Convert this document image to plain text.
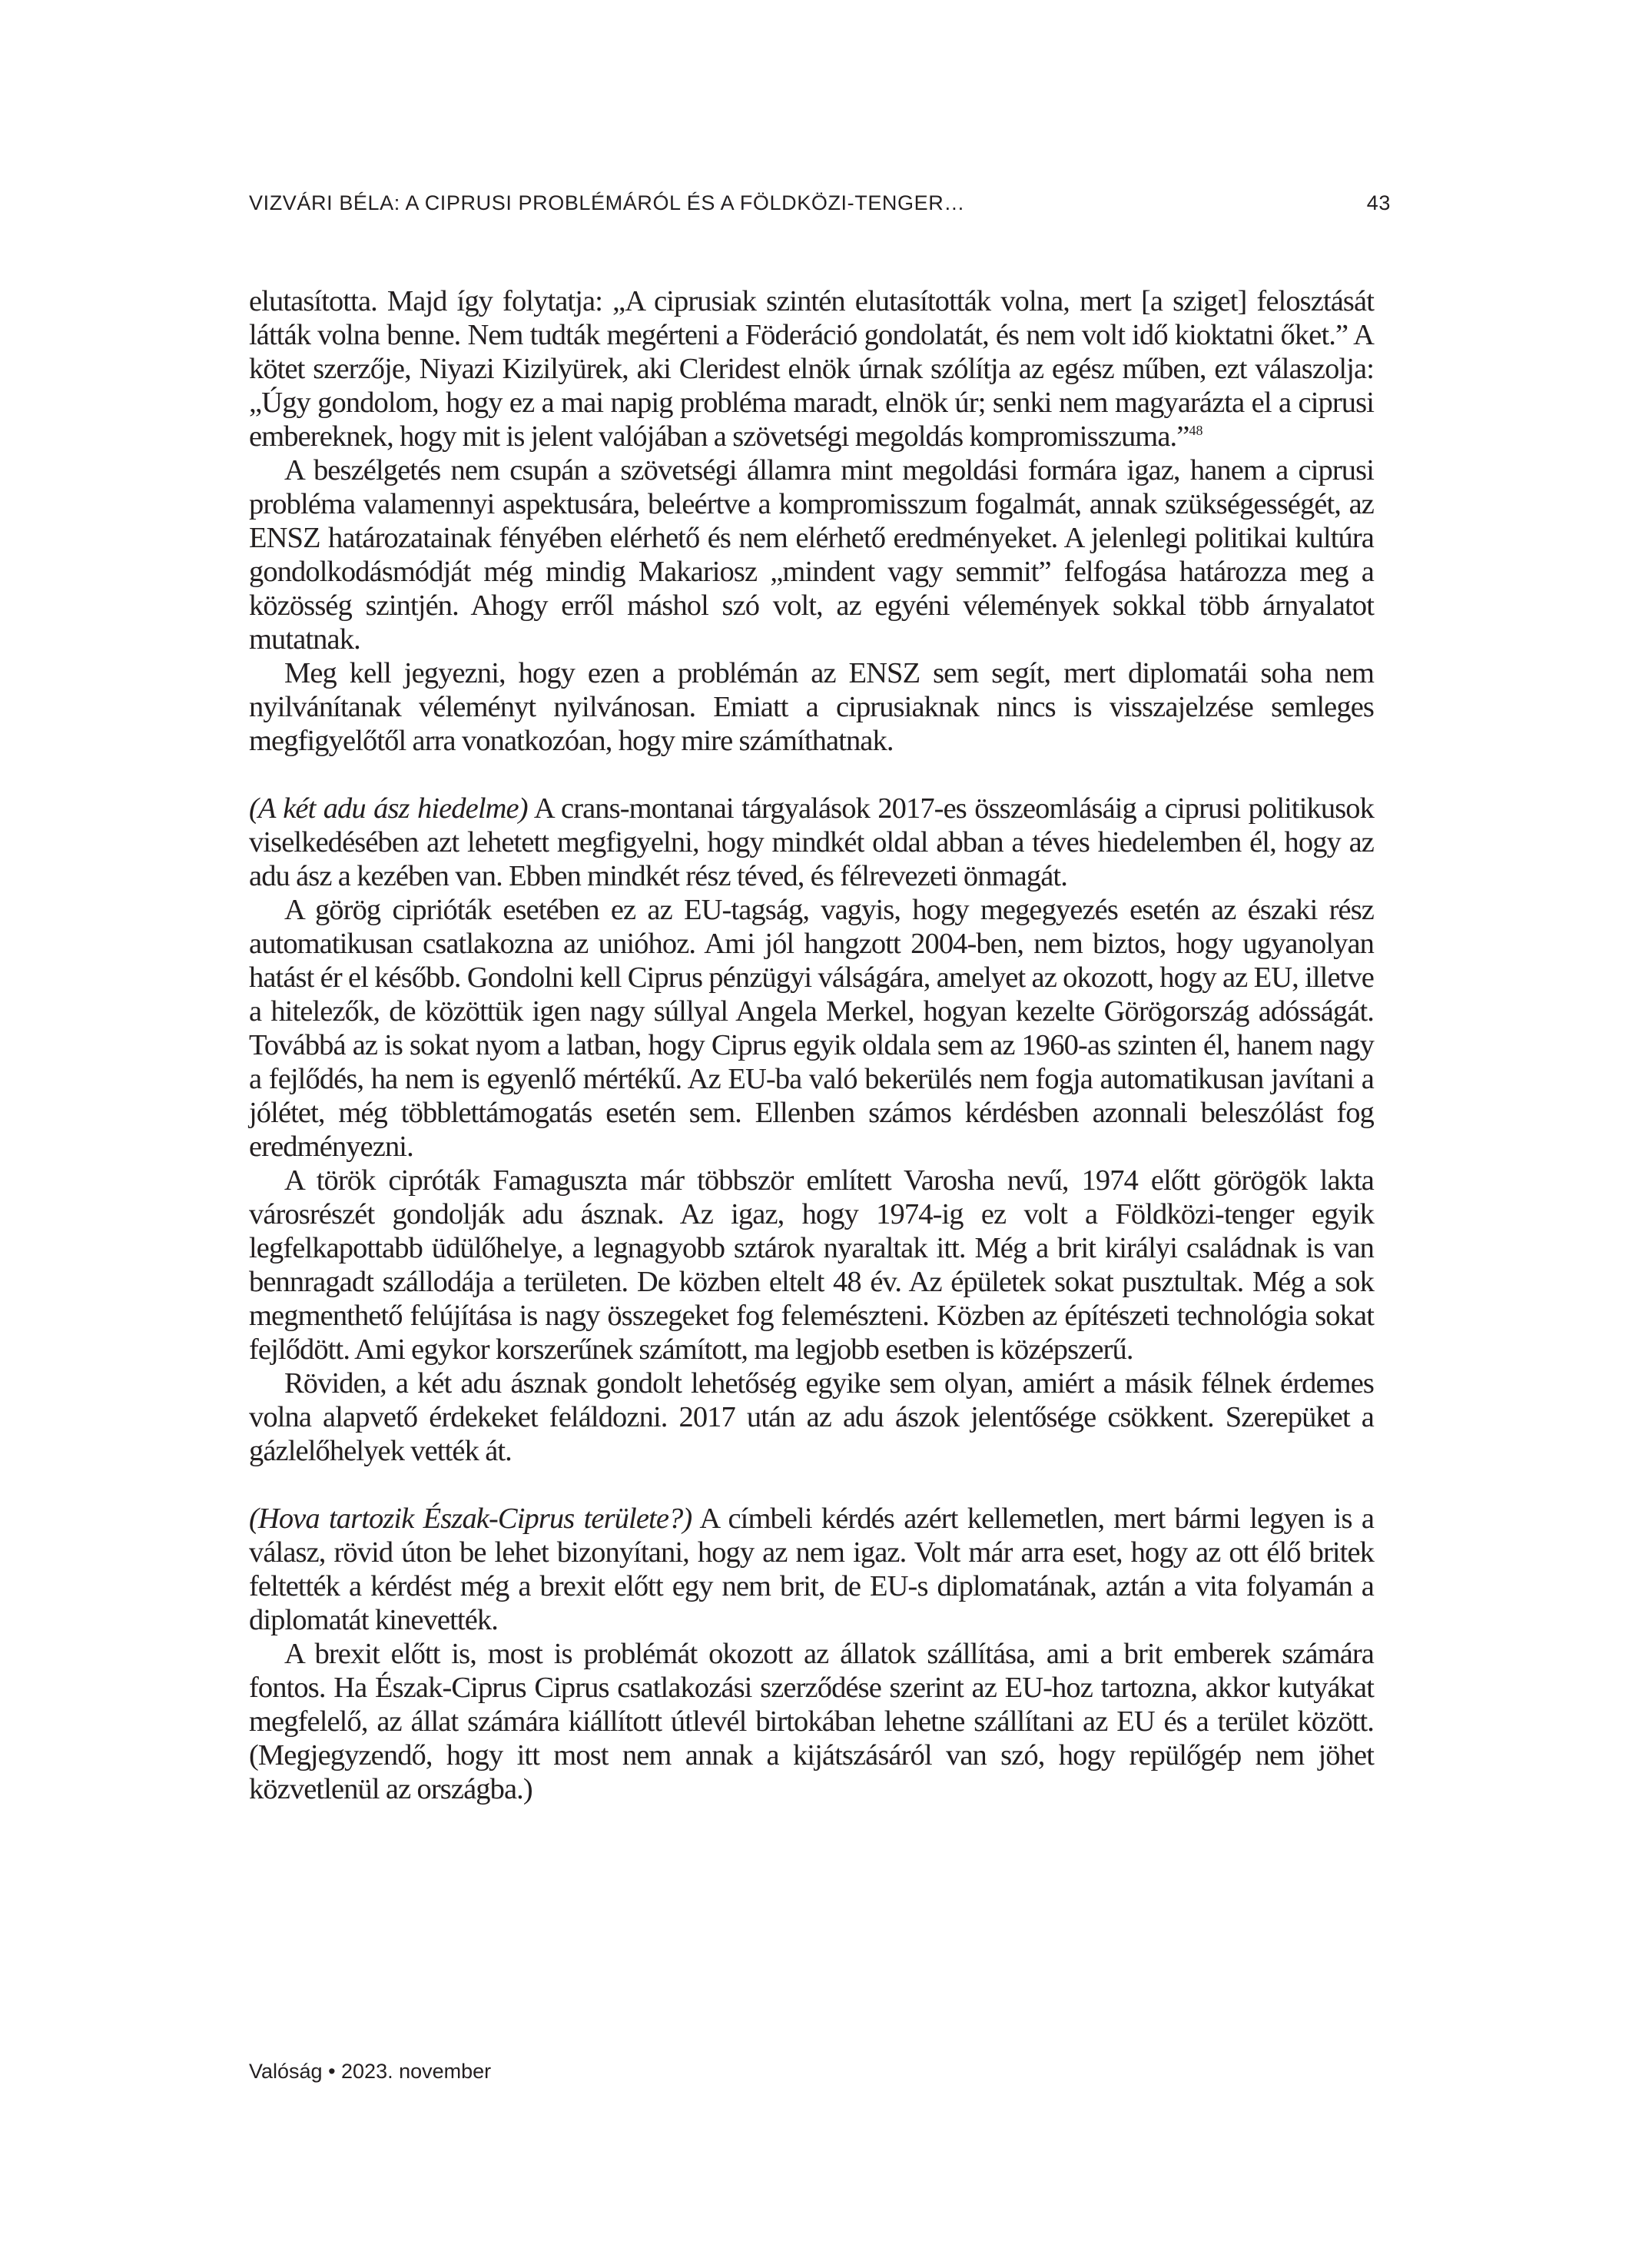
VIZVÁRI BÉLA: A CIPRUSI PROBLÉMÁRÓL ÉS A FÖLDKÖZI-TENGER…	43

elutasította. Majd így folytatja: „A ciprusiak szintén elutasították volna, mert [a sziget] felosztását látták volna benne. Nem tudták megérteni a Föderáció gondolatát, és nem volt idő kioktatni őket.” A kötet szerzője, Niyazi Kizilyürek, aki Cleridest elnök úrnak szólítja az egész műben, ezt válaszolja: „Úgy gondolom, hogy ez a mai napig probléma maradt, elnök úr; senki nem magyarázta el a ciprusi embereknek, hogy mit is jelent valójában a szövetségi megoldás kompromisszuma.”$^{48}$

A beszélgetés nem csupán a szövetségi államra mint megoldási formára igaz, hanem a ciprusi probléma valamennyi aspektusára, beleértve a kompromisszum fogalmát, annak szükségességét, az ENSZ határozatainak fényében elérhető és nem elérhető eredményeket. A jelenlegi politikai kultúra gondolkodásmódját még mindig Makariosz „mindent vagy semmit” felfogása határozza meg a közösség szintjén. Ahogy erről máshol szó volt, az egyéni vélemények sokkal több árnyalatot mutatnak.

Meg kell jegyezni, hogy ezen a problémán az ENSZ sem segít, mert diplomatái soha nem nyilvánítanak véleményt nyilvánosan. Emiatt a ciprusiaknak nincs is visszajelzése semleges megfigyelőtől arra vonatkozóan, hogy mire számíthatnak.

(A két adu ász hiedelme) A crans-montanai tárgyalások 2017-es összeomlásáig a ciprusi politikusok viselkedésében azt lehetett megfigyelni, hogy mindkét oldal abban a téves hiedelemben él, hogy az adu ász a kezében van. Ebben mindkét rész téved, és félrevezeti önmagát.

A görög ciprióták esetében ez az EU-tagság, vagyis, hogy megegyezés esetén az északi rész automatikusan csatlakozna az unióhoz. Ami jól hangzott 2004-ben, nem biztos, hogy ugyanolyan hatást ér el később. Gondolni kell Ciprus pénzügyi válságára, amelyet az okozott, hogy az EU, illetve a hitelezők, de közöttük igen nagy súllyal Angela Merkel, hogyan kezelte Görögország adósságát. Továbbá az is sokat nyom a latban, hogy Ciprus egyik oldala sem az 1960-as szinten él, hanem nagy a fejlődés, ha nem is egyenlő mértékű. Az EU-ba való bekerülés nem fogja automatikusan javítani a jólétet, még többlettámogatás esetén sem. Ellenben számos kérdésben azonnali beleszólást fog eredményezni.

A török cipróták Famaguszta már többször említett Varosha nevű, 1974 előtt görögök lakta városrészét gondolják adu ásznak. Az igaz, hogy 1974-ig ez volt a Földközi-tenger egyik legfelkapottabb üdülőhelye, a legnagyobb sztárok nyaraltak itt. Még a brit királyi családnak is van bennragadt szállodája a területen. De közben eltelt 48 év. Az épületek sokat pusztultak. Még a sok megmenthető felújítása is nagy összegeket fog felemészteni. Közben az építészeti technológia sokat fejlődött. Ami egykor korszerűnek számított, ma legjobb esetben is középszerű.

Röviden, a két adu ásznak gondolt lehetőség egyike sem olyan, amiért a másik félnek érdemes volna alapvető érdekeket feláldozni. 2017 után az adu ászok jelentősége csökkent. Szerepüket a gázlelőhelyek vették át.

(Hova tartozik Észak-Ciprus területe?) A címbeli kérdés azért kellemetlen, mert bármi legyen is a válasz, rövid úton be lehet bizonyítani, hogy az nem igaz. Volt már arra eset, hogy az ott élő britek feltették a kérdést még a brexit előtt egy nem brit, de EU-s diplomatának, aztán a vita folyamán a diplomatát kinevették.

A brexit előtt is, most is problémát okozott az állatok szállítása, ami a brit emberek számára fontos. Ha Észak-Ciprus Ciprus csatlakozási szerződése szerint az EU-hoz tartozna, akkor kutyákat megfelelő, az állat számára kiállított útlevél birtokában lehetne szállítani az EU és a terület között. (Megjegyzendő, hogy itt most nem annak a kijátszásáról van szó, hogy repülőgép nem jöhet közvetlenül az országba.)

Valóság • 2023. november
